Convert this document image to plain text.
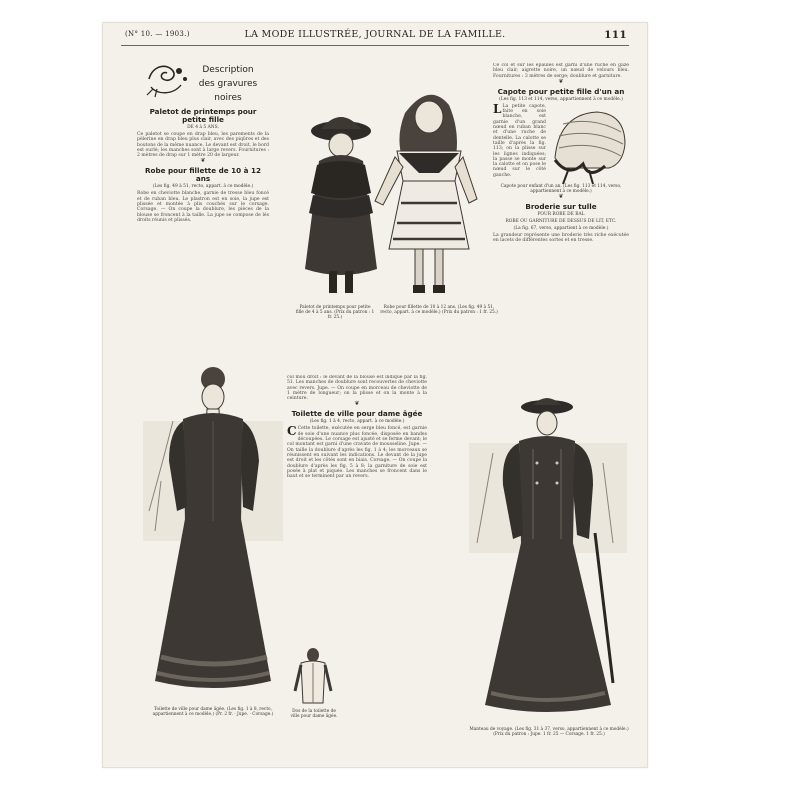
(N° 10. — 1903.)	LA MODE ILLUSTRÉE, JOURNAL DE LA FAMILLE.	111
Description
des gravures noires
Paletot de printemps pour petite fille
DE 4 à 5 ANS.
Ce paletot se coupe en drap bleu, les parements de la pèlerine en drap bleu plus clair, avec des piqûres et des boutons de la même nuance. Le devant est droit, le bord est ourlé; les manches sont à large revers. Fournitures : 2 mètres de drap sur 1 mètre 20 de largeur.
❦
Robe pour fillette de 10 à 12 ans
(Les fig. 49 à 51, recto, appart. à ce modèle.)
Robe en cheviotte blanche, garnie de tresse bleu foncé et de ruban bleu. Le plastron est en soie, la jupe est plissée et montée à plis couchés sur le corsage. Corsage. — On coupe la doublure, les pièces de la blouse se froncent à la taille. La jupe se compose de lés droits réunis et plissés.
Paletot de printemps pour petite fille de 4 à 5 ans. (Prix du patron : 1 fr. 25.)
Robe pour fillette de 10 à 12 ans. (Les fig. 49 à 51, recto, appart. à ce modèle.) (Prix du patron : 1 fr. 25.)
Ce col et sur les épaules est garni d'une ruche en gaze bleu clair, aigrette noire, un nœud de velours bleu. Fournitures : 3 mètres de serge; doublure et garniture.
❦
Capote pour petite fille d'un an
(Les fig. 113 et 114, verso, appartiennent à ce modèle.)
L La petite capote, faite en soie blanche, est garnie d'un grand nœud en ruban blanc et d'une ruche de dentelle. La calotte se taille d'après la fig. 113; on la plisse sur les lignes indiquées; la passe se monte sur la calotte et on pose le nœud sur le côté gauche.
Capote pour enfant d'un an. (Les fig. 113 et 114, verso, appartiennent à ce modèle.)
❦
Broderie sur tulle
POUR ROBE DE BAL
ROBE OU GARNITURE DE DESSUS DE LIT, ETC.
(La fig. 67, verso, appartient à ce modèle.)
La grandeur représente une broderie très riche exécutée en lacets de différentes sortes et en tresse.
Toilette de ville pour dame âgée. (Les fig. 1 à 8, recto, appartiennent à ce modèle.) (Pr. 2 fr. · Jupe. · Corsage.)
col mou droit : le devant de la blouse est indiqué par la fig. 51. Les manches de doublure sont recouvertes de cheviotte avec revers. Jupe. — On coupe en morceau de cheviotte de 1 mètre de longueur; on la plisse et on la monte à la ceinture.
❦
Toilette de ville pour dame âgée
(Les fig. 1 à 4, recto, appart. à ce modèle.)
C Cette toilette, exécutée en serge bleu foncé, est garnie de soie d'une nuance plus foncée, disposée en bandes découpées. Le corsage est ajusté et se ferme devant; le col montant est garni d'une cravate de mousseline. Jupe. — On taille la doublure d'après les fig. 1 à 4; les morceaux se réunissent en suivant les indications. Le devant de la jupe est droit et les côtés sont en biais. Corsage. — On coupe la doublure d'après les fig. 5 à 8; la garniture de soie est posée à plat et piquée. Les manches se froncent dans le haut et se terminent par un revers.
Dos de la toilette de ville pour dame âgée.
Manteau de voyage. (Les fig. 31 à 37, verso, appartiennent à ce modèle.) (Prix du patron : Jupe. 1 fr. 25 — Corsage. 1 fr. 25.)
